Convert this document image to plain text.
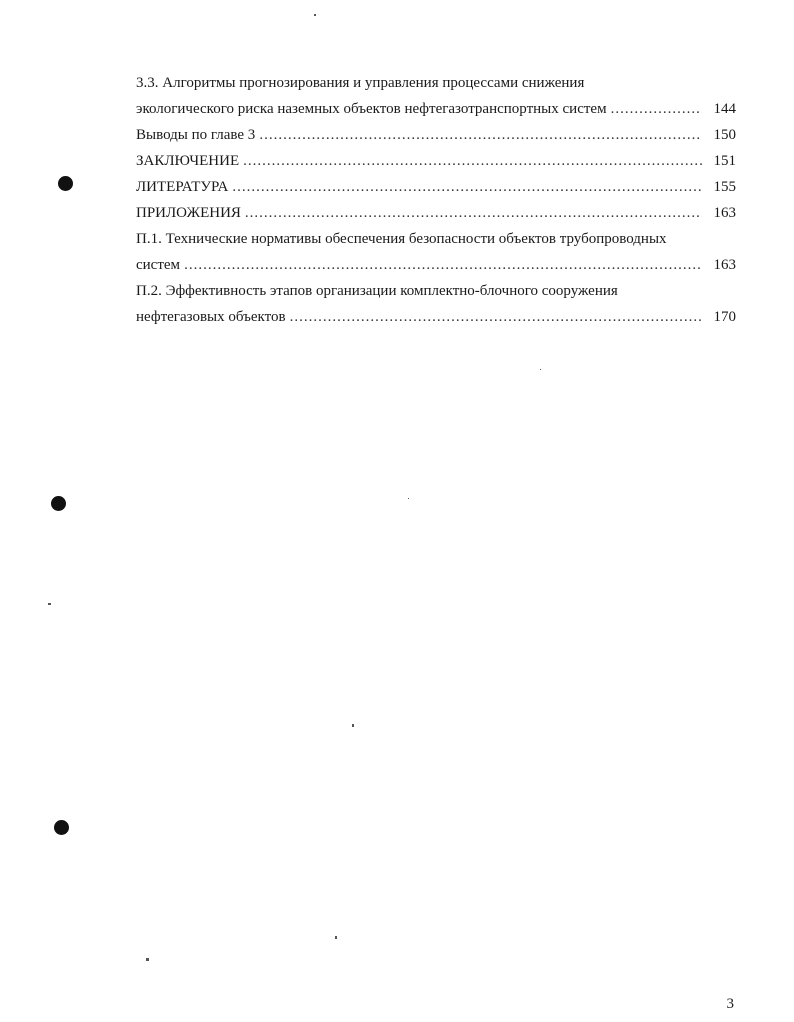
3.3. Алгоритмы прогнозирования и управления процессами снижения
экологического риска наземных объектов нефтегазотранспортных систем .....	144
Выводы по главе 3 .....	150
ЗАКЛЮЧЕНИЕ .....	151
ЛИТЕРАТУРА .....	155
ПРИЛОЖЕНИЯ .....	163
П.1. Технические нормативы обеспечения безопасности объектов трубопроводных
систем .....	163
П.2. Эффективность этапов организации комплектно-блочного сооружения
нефтегазовых объектов .....	170
3
